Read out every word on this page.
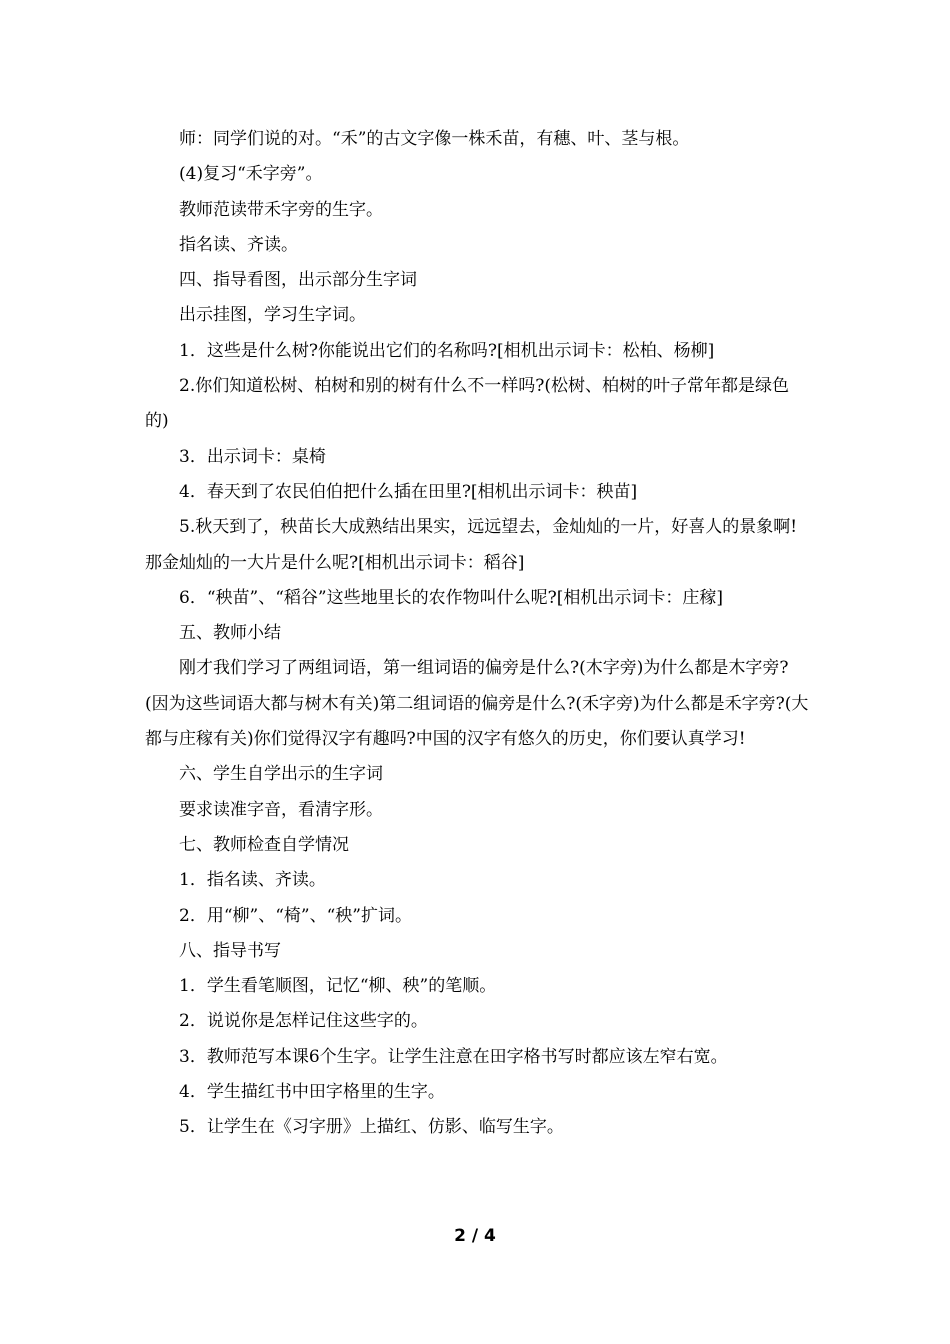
师：同学们说的对。“禾”的古文字像一株禾苗，有穗、叶、茎与根。

(4)复习“禾字旁”。

教师范读带禾字旁的生字。

指名读、齐读。

四、指导看图，出示部分生字词

出示挂图，学习生字词。

1．这些是什么树?你能说出它们的名称吗?[相机出示词卡：松柏、杨柳]

2.你们知道松树、柏树和别的树有什么不一样吗?(松树、柏树的叶子常年都是绿色的)

3．出示词卡：桌椅

4．春天到了农民伯伯把什么插在田里?[相机出示词卡：秧苗]

5.秋天到了，秧苗长大成熟结出果实，远远望去，金灿灿的一片，好喜人的景象啊!那金灿灿的一大片是什么呢?[相机出示词卡：稻谷]

6．“秧苗”、“稻谷”这些地里长的农作物叫什么呢?[相机出示词卡：庄稼]

五、教师小结

刚才我们学习了两组词语，第一组词语的偏旁是什么?(木字旁)为什么都是木字旁?(因为这些词语大都与树木有关)第二组词语的偏旁是什么?(禾字旁)为什么都是禾字旁?(大都与庄稼有关)你们觉得汉字有趣吗?中国的汉字有悠久的历史，你们要认真学习!

六、学生自学出示的生字词

要求读准字音，看清字形。

七、教师检查自学情况

1．指名读、齐读。

2．用“柳”、“椅”、“秧”扩词。

八、指导书写

1．学生看笔顺图，记忆“柳、秧”的笔顺。

2．说说你是怎样记住这些字的。

3．教师范写本课6个生字。让学生注意在田字格书写时都应该左窄右宽。

4．学生描红书中田字格里的生字。

5．让学生在《习字册》上描红、仿影、临写生字。

2 / 4
